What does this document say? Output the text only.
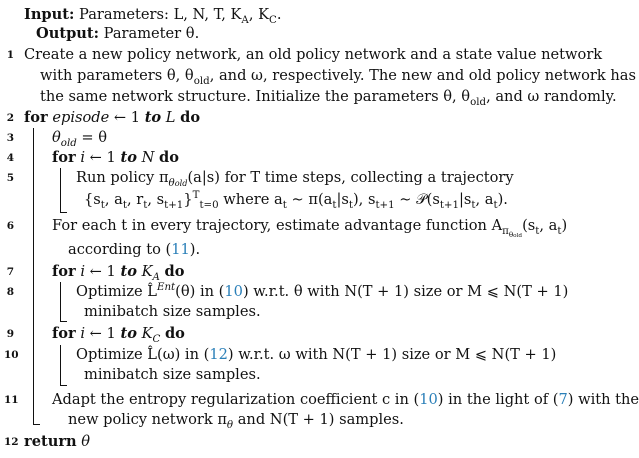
Input: Parameters: L, N, T, $K_A$, $K_C$.
Output: Parameter θ.
1 Create a new policy network, an old policy network and a state value network
with parameters θ, $\theta_{old}$, and ω, respectively. The new and old policy network has
the same network structure. Initialize the parameters θ, $\theta_{old}$, and ω randomly.
2 for episode ← 1 to L do
3	$\theta_{old} = \theta$
4	for i ← 1 to N do
5	Run policy $\pi_{\theta old}(a|s)$ for T time steps, collecting a trajectory
{$s_t$, $a_t$, $r_t$, $s_{t+1}\}^T_{t=0}$ where $a_t$ ∼ $\pi(a_t|s_t)$, $s_{t+1}$ ∼ $𝒫(s_{t+1}|s_t$, $a_t$).
6	For each t in every trajectory, estimate advantage function $A_{\pi_{\theta old}}(s_t$, $a_t$)
according to (11).
7	for i ← 1 to $K_A$ do
8	Optimize L̂$^{Ent}$(θ) in (10) w.r.t. θ with N(T + 1) size or M ⩽ N(T + 1)
minibatch size samples.
9	for i ← 1 to $K_C$ do
10	Optimize L̂(ω) in (12) w.r.t. ω with N(T + 1) size or M ⩽ N(T + 1)
minibatch size samples.
11 Adapt the entropy regularization coefficient c in (10) in the light of (7) with the
new policy network $\pi_\theta$ and N(T + 1) samples.
12 return θ
